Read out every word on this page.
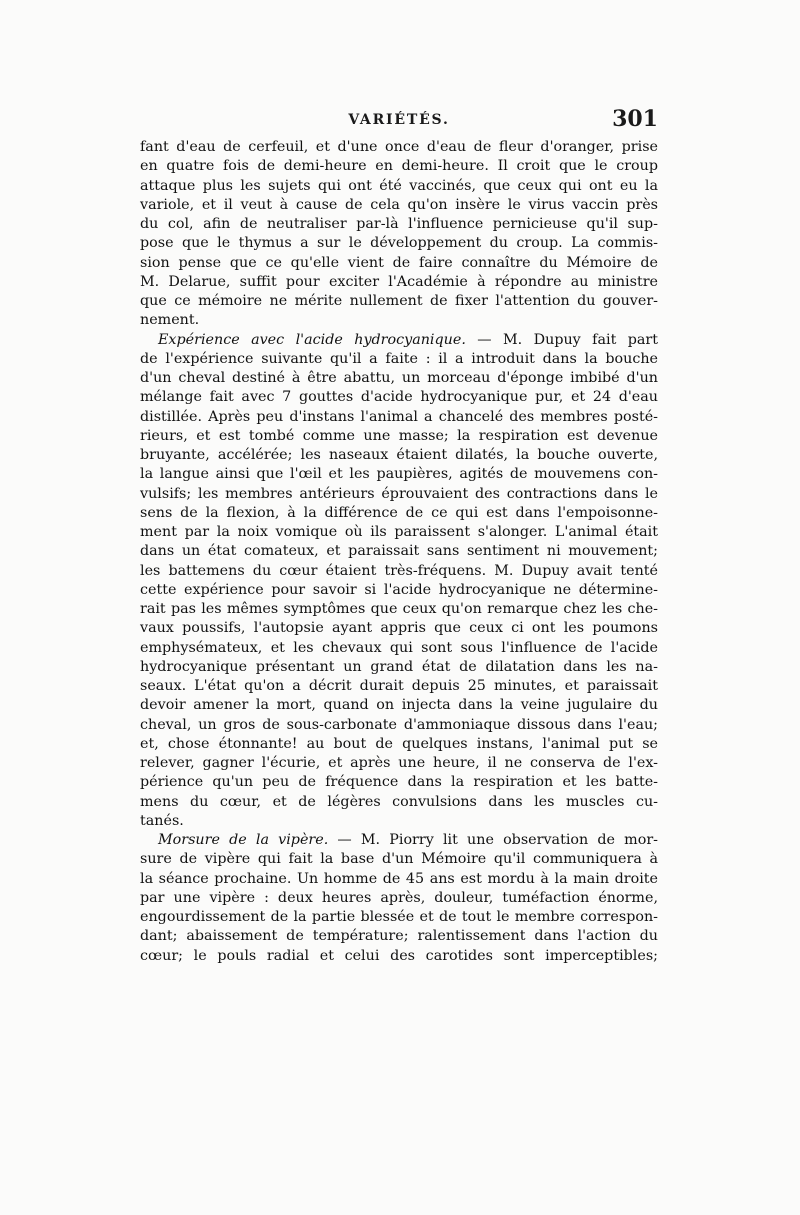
VARIÉTÉS.	301
fant d'eau de cerfeuil, et d'une once d'eau de fleur d'oranger, prise
en quatre fois de demi-heure en demi-heure. Il croit que le croup
attaque plus les sujets qui ont été vaccinés, que ceux qui ont eu la
variole, et il veut à cause de cela qu'on insère le virus vaccin près
du col, afin de neutraliser par-là l'influence pernicieuse qu'il sup-
pose que le thymus a sur le développement du croup. La commis-
sion pense que ce qu'elle vient de faire connaître du Mémoire de
M. Delarue, suffit pour exciter l'Académie à répondre au ministre
que ce mémoire ne mérite nullement de fixer l'attention du gouver-
nement.
Expérience avec l'acide hydrocyanique. — M. Dupuy fait part
de l'expérience suivante qu'il a faite : il a introduit dans la bouche
d'un cheval destiné à être abattu, un morceau d'éponge imbibé d'un
mélange fait avec 7 gouttes d'acide hydrocyanique pur, et 24 d'eau
distillée. Après peu d'instans l'animal a chancelé des membres posté-
rieurs, et est tombé comme une masse; la respiration est devenue
bruyante, accélérée; les naseaux étaient dilatés, la bouche ouverte,
la langue ainsi que l'œil et les paupières, agités de mouvemens con-
vulsifs; les membres antérieurs éprouvaient des contractions dans le
sens de la flexion, à la différence de ce qui est dans l'empoisonne-
ment par la noix vomique où ils paraissent s'alonger. L'animal était
dans un état comateux, et paraissait sans sentiment ni mouvement;
les battemens du cœur étaient très-fréquens. M. Dupuy avait tenté
cette expérience pour savoir si l'acide hydrocyanique ne détermine-
rait pas les mêmes symptômes que ceux qu'on remarque chez les che-
vaux poussifs, l'autopsie ayant appris que ceux ci ont les poumons
emphysémateux, et les chevaux qui sont sous l'influence de l'acide
hydrocyanique présentant un grand état de dilatation dans les na-
seaux. L'état qu'on a décrit durait depuis 25 minutes, et paraissait
devoir amener la mort, quand on injecta dans la veine jugulaire du
cheval, un gros de sous-carbonate d'ammoniaque dissous dans l'eau;
et, chose étonnante! au bout de quelques instans, l'animal put se
relever, gagner l'écurie, et après une heure, il ne conserva de l'ex-
périence qu'un peu de fréquence dans la respiration et les batte-
mens du cœur, et de légères convulsions dans les muscles cu-
tanés.
Morsure de la vipère. — M. Piorry lit une observation de mor-
sure de vipère qui fait la base d'un Mémoire qu'il communiquera à
la séance prochaine. Un homme de 45 ans est mordu à la main droite
par une vipère : deux heures après, douleur, tuméfaction énorme,
engourdissement de la partie blessée et de tout le membre correspon-
dant; abaissement de température; ralentissement dans l'action du
cœur; le pouls radial et celui des carotides sont imperceptibles;
